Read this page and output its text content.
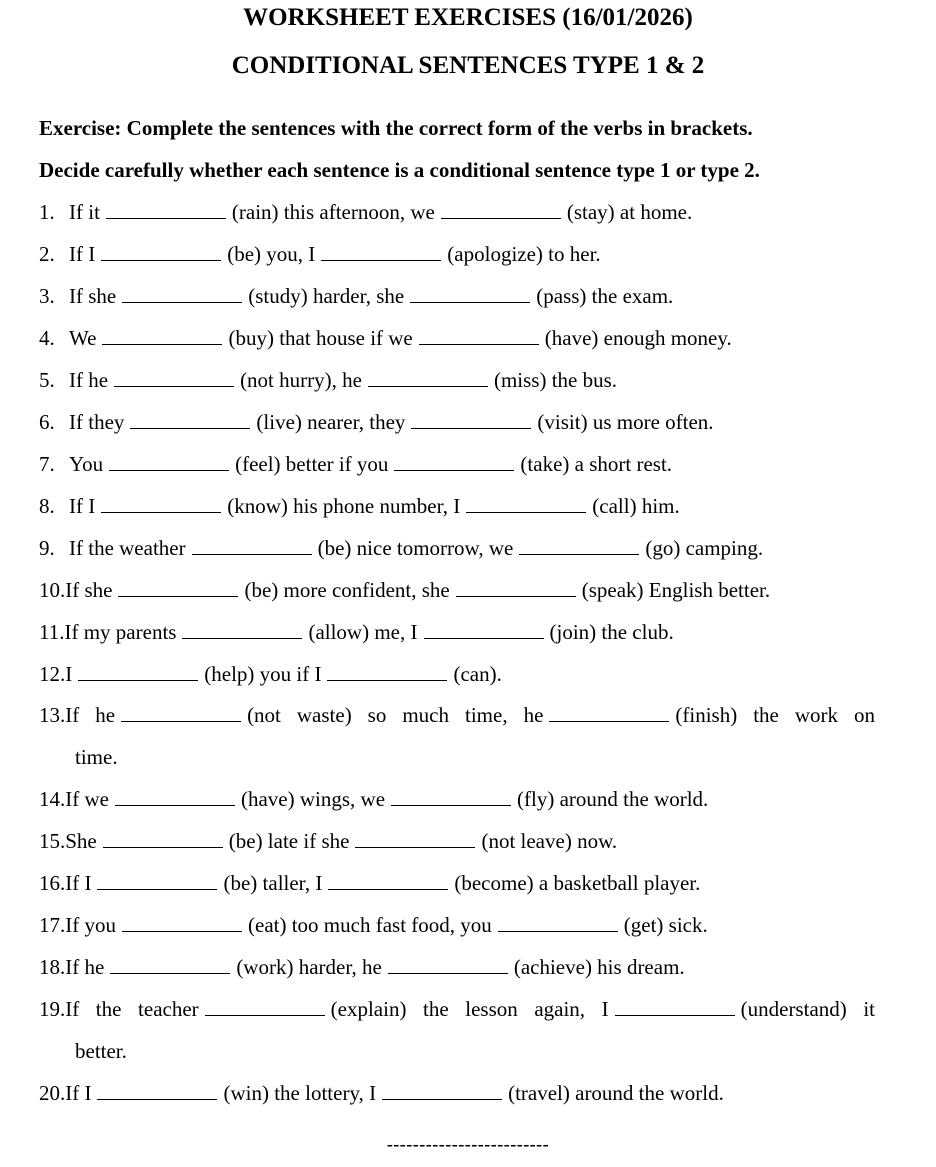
WORKSHEET EXERCISES (16/01/2026)
CONDITIONAL SENTENCES TYPE 1 & 2
Exercise: Complete the sentences with the correct form of the verbs in brackets.
Decide carefully whether each sentence is a conditional sentence type 1 or type 2.
1. If it	(rain) this afternoon, we	(stay) at home.
2. If I	(be) you, I	(apologize) to her.
3. If she	(study) harder, she	(pass) the exam.
4. We	(buy) that house if we	(have) enough money.
5. If he	(not hurry), he	(miss) the bus.
6. If they	(live) nearer, they	(visit) us more often.
7. You	(feel) better if you	(take) a short rest.
8. If I	(know) his phone number, I	(call) him.
9. If the weather	(be) nice tomorrow, we	(go) camping.
10.If she	(be) more confident, she	(speak) English better.
11.If my parents	(allow) me, I	(join) the club.
12.I	(help) you if I	(can).
13.If he	(not waste) so much time, he	(finish) the work on
time.
14.If we	(have) wings, we	(fly) around the world.
15.She	(be) late if she	(not leave) now.
16.If I	(be) taller, I	(become) a basketball player.
17.If you	(eat) too much fast food, you	(get) sick.
18.If he	(work) harder, he	(achieve) his dream.
19.If the teacher	(explain) the lesson again, I	(understand) it
better.
20.If I	(win) the lottery, I	(travel) around the world.
-------------------------
